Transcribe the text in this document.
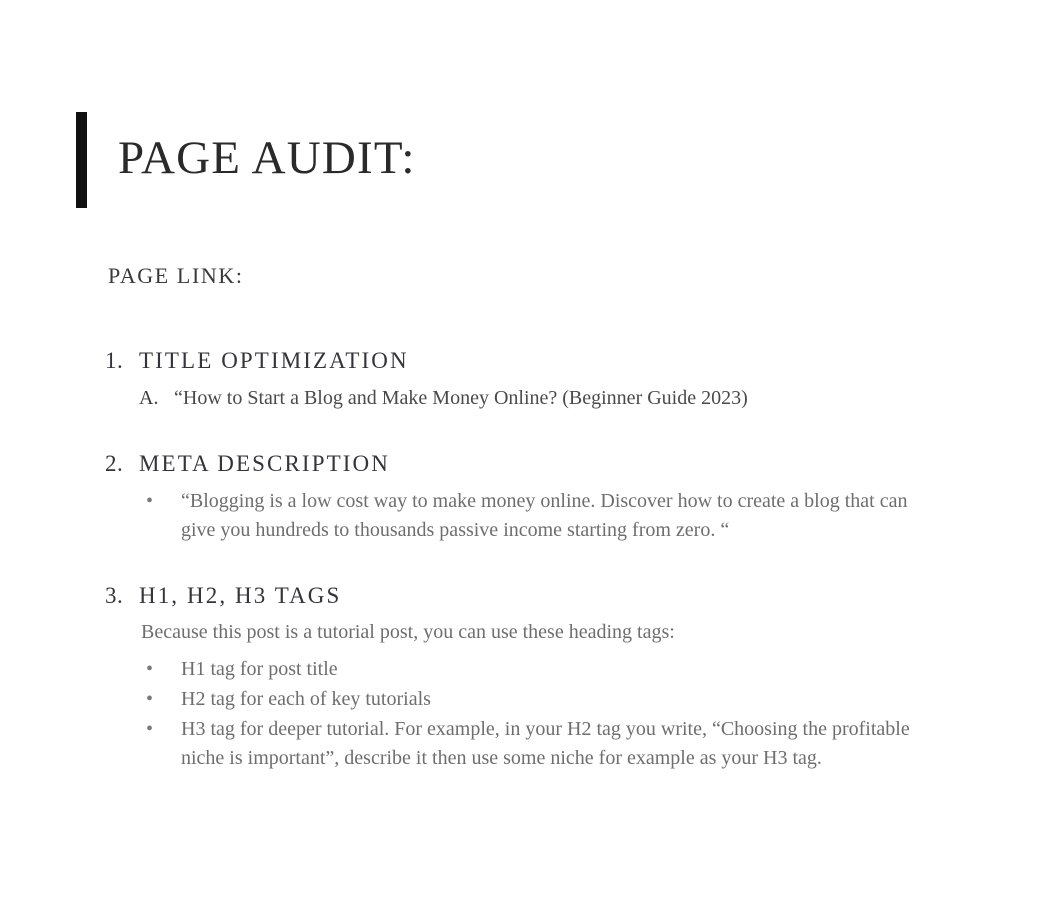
PAGE AUDIT:
PAGE LINK:
1. TITLE OPTIMIZATION
A. “How to Start a Blog and Make Money Online? (Beginner Guide 2023)
2. META DESCRIPTION
•	“Blogging is a low cost way to make money online. Discover how to create a blog that can give you hundreds to thousands passive income starting from zero. “
3. H1, H2, H3 TAGS
Because this post is a tutorial post, you can use these heading tags:
•	H1 tag for post title
•	H2 tag for each of key tutorials
•	H3 tag for deeper tutorial. For example, in your H2 tag you write, “Choosing the profitable niche is important”, describe it then use some niche for example as your H3 tag.
